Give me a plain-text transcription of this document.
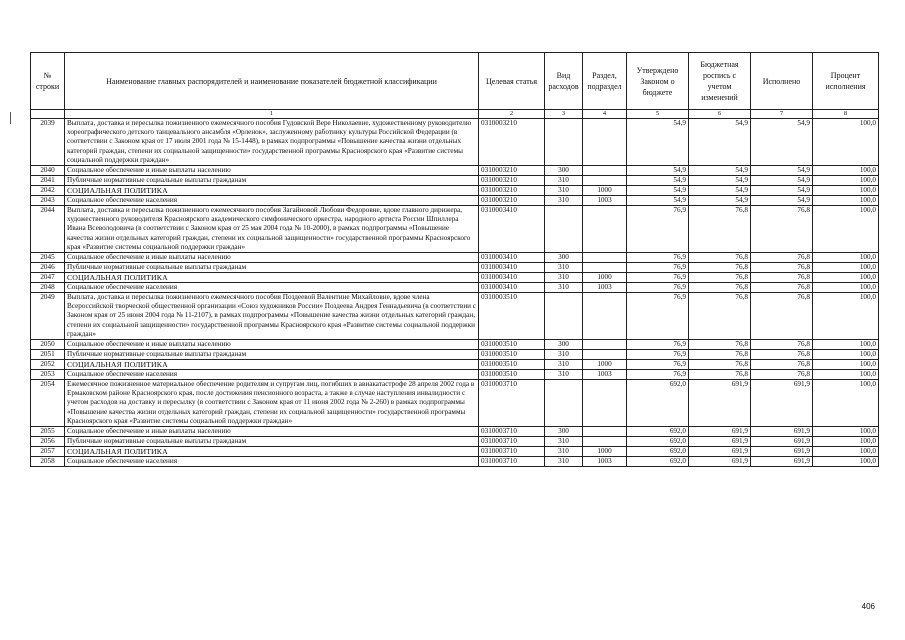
№ строки	Наименование главных распорядителей и наименование показателей бюджетной классификации	Целевая статья	Вид расходов	Раздел, подраздел	Утверждено Законом о бюджете	Бюджетная роспись с учетом изменений	Исполнено	Процент исполнения
	1	2	3	4	5	6	7	8
2039	Выплата, доставка и пересылка пожизненного ежемесячного пособия Гудовской Вере Николаевне, художественному руководителю хореографического детского танцевального ансамбля «Орленок», заслуженному работнику культуры Российской Федерации (в соответствии с Законом края от 17 июля 2001 года № 15-1448), в рамках подпрограммы «Повышение качества жизни отдельных категорий граждан, степени их социальной защищенности» государственной программы Красноярского края «Развитие системы социальной поддержки граждан»	0310003210			54,9	54,9	54,9	100,0
2040	Социальное обеспечение и иные выплаты населению	0310003210	300		54,9	54,9	54,9	100,0
2041	Публичные нормативные социальные выплаты гражданам	0310003210	310		54,9	54,9	54,9	100,0
2042	СОЦИАЛЬНАЯ ПОЛИТИКА	0310003210	310	1000	54,9	54,9	54,9	100,0
2043	Социальное обеспечение населения	0310003210	310	1003	54,9	54,9	54,9	100,0
2044	Выплата, доставка и пересылка пожизненного ежемесячного пособия Загайновой Любови Федоровне, вдове главного дирижера, художественного руководителя Красноярского академического симфонического оркестра, народного артиста России Шпиллера Ивана Всеволодовича (в соответствии с Законом края от 25 мая 2004 года № 10-2000), в рамках подпрограммы «Повышение качества жизни отдельных категорий граждан, степени их социальной защищенности» государственной программы Красноярского края «Развитие системы социальной поддержки граждан»	0310003410			76,9	76,8	76,8	100,0
2045	Социальное обеспечение и иные выплаты населению	0310003410	300		76,9	76,8	76,8	100,0
2046	Публичные нормативные социальные выплаты гражданам	0310003410	310		76,9	76,8	76,8	100,0
2047	СОЦИАЛЬНАЯ ПОЛИТИКА	0310003410	310	1000	76,9	76,8	76,8	100,0
2048	Социальное обеспечение населения	0310003410	310	1003	76,9	76,8	76,8	100,0
2049	Выплата, доставка и пересылка пожизненного ежемесячного пособия Поздеевой Валентине Михайловне, вдове члена Всероссийской творческой общественной организации «Союз художников России» Поздеева Андрея Геннадьевича (в соответствии с Законом края от 25 июня 2004 года № 11-2107), в рамках подпрограммы «Повышение качества жизни отдельных категорий граждан, степени их социальной защищенности» государственной программы Красноярского края «Развитие системы социальной поддержки граждан»	0310003510			76,9	76,8	76,8	100,0
2050	Социальное обеспечение и иные выплаты населению	0310003510	300		76,9	76,8	76,8	100,0
2051	Публичные нормативные социальные выплаты гражданам	0310003510	310		76,9	76,8	76,8	100,0
2052	СОЦИАЛЬНАЯ ПОЛИТИКА	0310003510	310	1000	76,9	76,8	76,8	100,0
2053	Социальное обеспечение населения	0310003510	310	1003	76,9	76,8	76,8	100,0
2054	Ежемесячное пожизненное материальное обеспечение родителям и супругам лиц, погибших в авиакатастрофе 28 апреля 2002 года в Ермаковском районе Красноярского края, после достижения пенсионного возраста, а также в случае наступления инвалидности с учетом расходов на доставку и пересылку (в соответствии с Законом края от 11 июня 2002 года № 2-260) в рамках подпрограммы «Повышение качества жизни отдельных категорий граждан, степени их социальной защищенности» государственной программы Красноярского края «Развитие системы социальной поддержки граждан»	0310003710			692,0	691,9	691,9	100,0
2055	Социальное обеспечение и иные выплаты населению	0310003710	300		692,0	691,9	691,9	100,0
2056	Публичные нормативные социальные выплаты гражданам	0310003710	310		692,0	691,9	691,9	100,0
2057	СОЦИАЛЬНАЯ ПОЛИТИКА	0310003710	310	1000	692,0	691,9	691,9	100,0
2058	Социальное обеспечение населения	0310003710	310	1003	692,0	691,9	691,9	100,0
406
